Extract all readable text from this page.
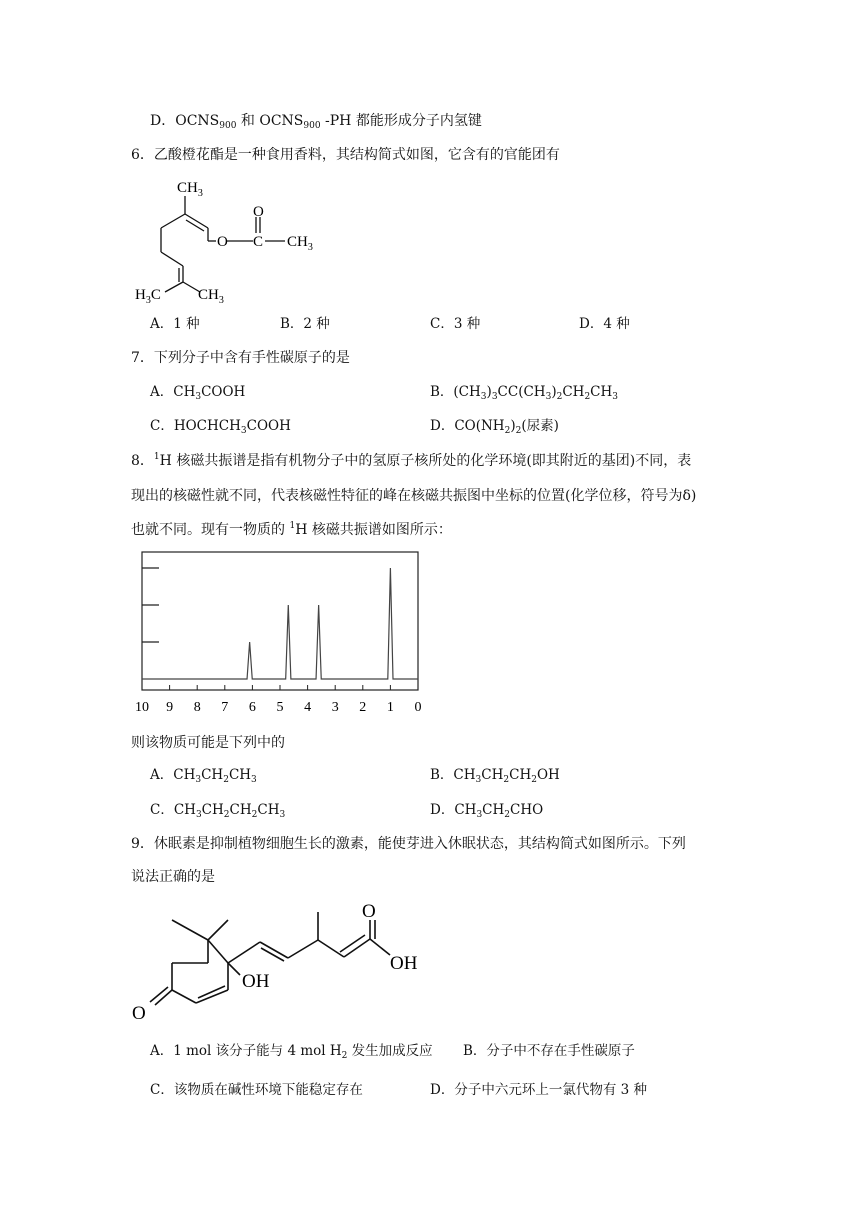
D．$OCNS_{900}$ 和 $OCNS_{900}$ -PH 都能形成分子内氢键
6．乙酸橙花酯是一种食用香料，其结构简式如图，它含有的官能团有
$CH_3$
O
O C $CH_3$
$H_3C$ $CH_3$
A．1 种	B．2 种	C．3 种	D．4 种
7．下列分子中含有手性碳原子的是
A．$CH_3COOH$	B．$(CH_3)_3CC(CH_3)_2CH_2CH_3$
C．$HOCHCH_3COOH$	D．$CO(NH_2)_2$(尿素)
8．$^1$H 核磁共振谱是指有机物分子中的氢原子核所处的化学环境(即其附近的基团)不同，表
现出的核磁性就不同，代表核磁性特征的峰在核磁共振图中坐标的位置(化学位移，符号为δ)
也就不同。现有一物质的 $^1$H 核磁共振谱如图所示：
10 9 8 7 6 5 4 3 2 1 0
则该物质可能是下列中的
A．$CH_3CH_2CH_3$	B．$CH_3CH_2CH_2OH$
C．$CH_3CH_2CH_2CH_3$	D．$CH_3CH_2CHO$
9．休眠素是抑制植物细胞生长的激素，能使芽进入休眠状态，其结构简式如图所示。下列
说法正确的是
O
OH
OH
O
A．1 mol 该分子能与 4 mol $H_2$ 发生加成反应 B．分子中不存在手性碳原子
C．该物质在碱性环境下能稳定存在	D．分子中六元环上一氯代物有 3 种
